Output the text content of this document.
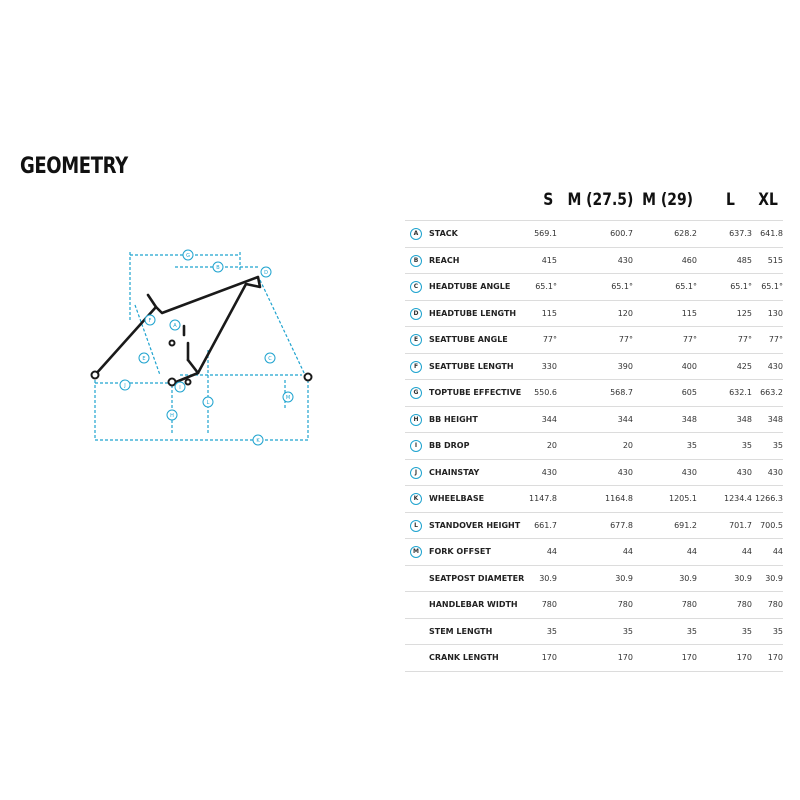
GEOMETRY
G
B
D
A
F
E	C
J	I
H
L
M
K
S M (27.5) M (29) L XL
A	STACK	569.1	600.7	628.2	637.3	641.8
B	REACH	415	430	460	485	515
C	HEADTUBE ANGLE	65.1°	65.1°	65.1°	65.1°	65.1°
D	HEADTUBE LENGTH	115	120	115	125	130
E	SEATTUBE ANGLE	77°	77°	77°	77°	77°
F	SEATTUBE LENGTH	330	390	400	425	430
G	TOPTUBE EFFECTIVE	550.6	568.7	605	632.1	663.2
H	BB HEIGHT	344	344	348	348	348
I	BB DROP	20	20	35	35	35
J	CHAINSTAY	430	430	430	430	430
K	WHEELBASE	1147.8	1164.8	1205.1	1234.4 1266.3
L	STANDOVER HEIGHT	661.7	677.8	691.2	701.7	700.5
M	FORK OFFSET	44	44	44	44	44
SEATPOST DIAMETER	30.9	30.9	30.9	30.9	30.9
HANDLEBAR WIDTH	780	780	780	780	780
STEM LENGTH	35	35	35	35	35
CRANK LENGTH	170	170	170	170	170
